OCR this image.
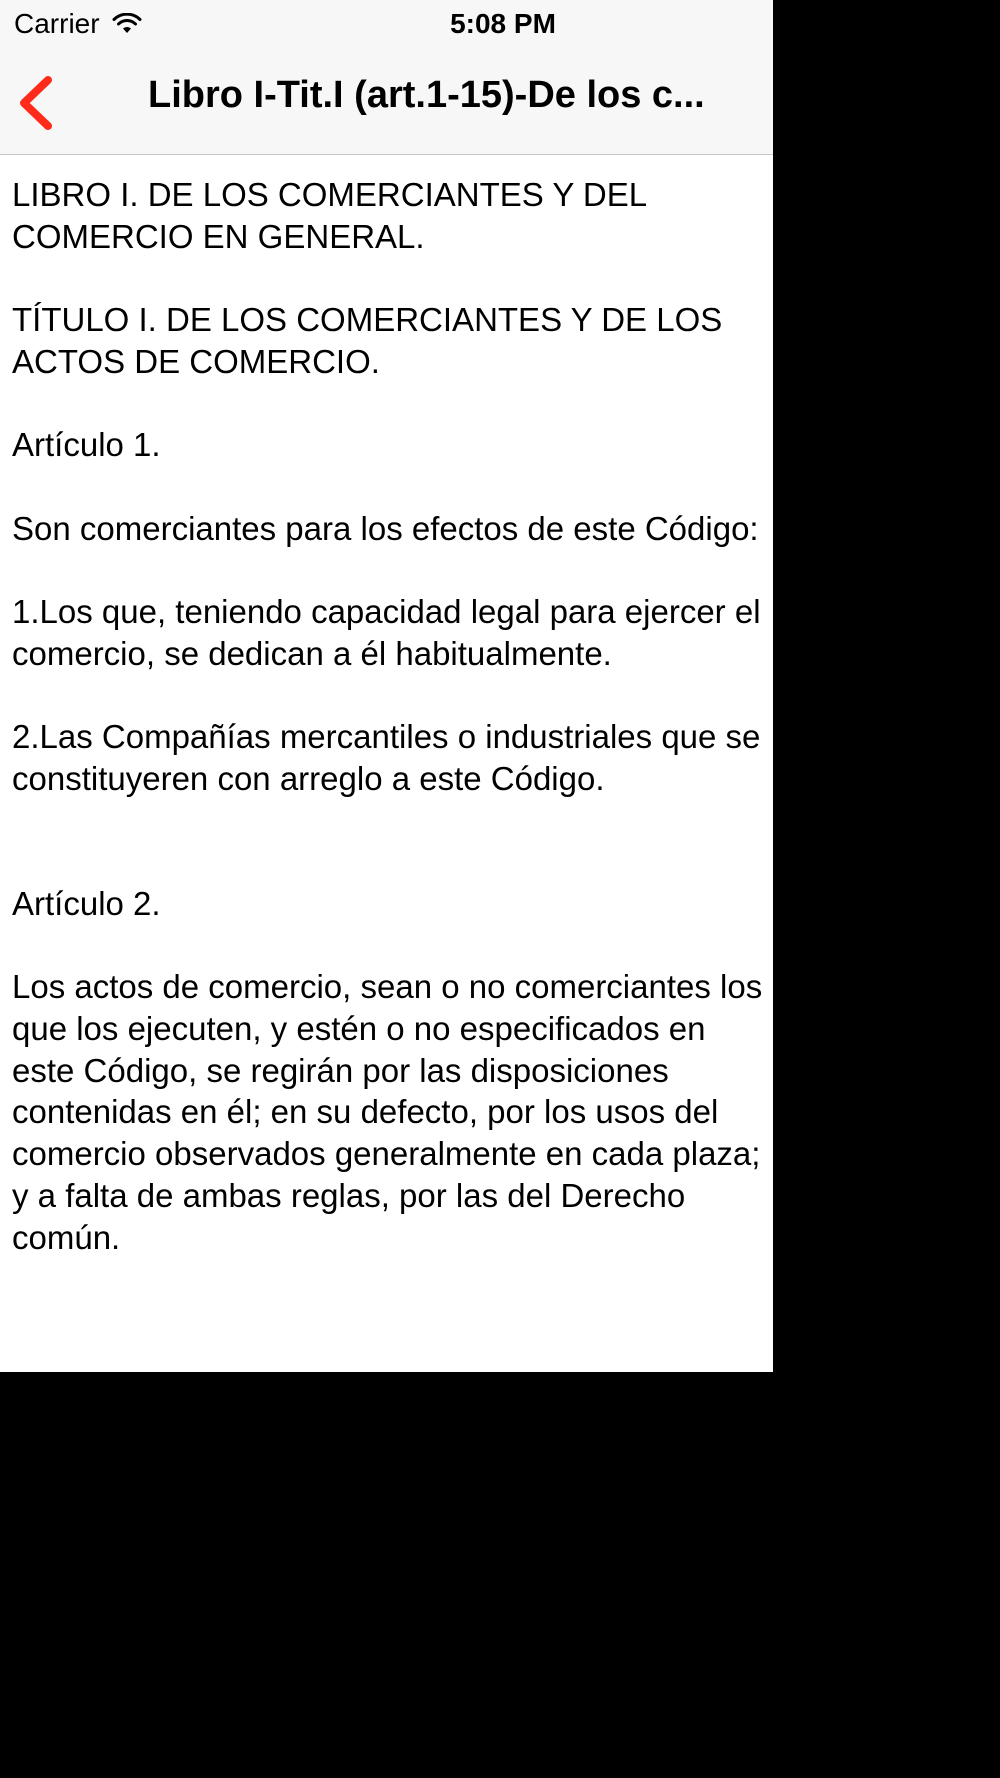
Carrier	5:08 PM
Libro I-Tit.I (art.1-15)-De los c...

LIBRO I. DE LOS COMERCIANTES Y DEL COMERCIO EN GENERAL.

TÍTULO I. DE LOS COMERCIANTES Y DE LOS ACTOS DE COMERCIO.

Artículo 1.

Son comerciantes para los efectos de este Código:

1.Los que, teniendo capacidad legal para ejercer el comercio, se dedican a él habitualmente.

2.Las Compañías mercantiles o industriales que se constituyeren con arreglo a este Código.

Artículo 2.

Los actos de comercio, sean o no comerciantes los que los ejecuten, y estén o no especificados en este Código, se regirán por las disposiciones contenidas en él; en su defecto, por los usos del comercio observados generalmente en cada plaza; y a falta de ambas reglas, por las del Derecho común.
